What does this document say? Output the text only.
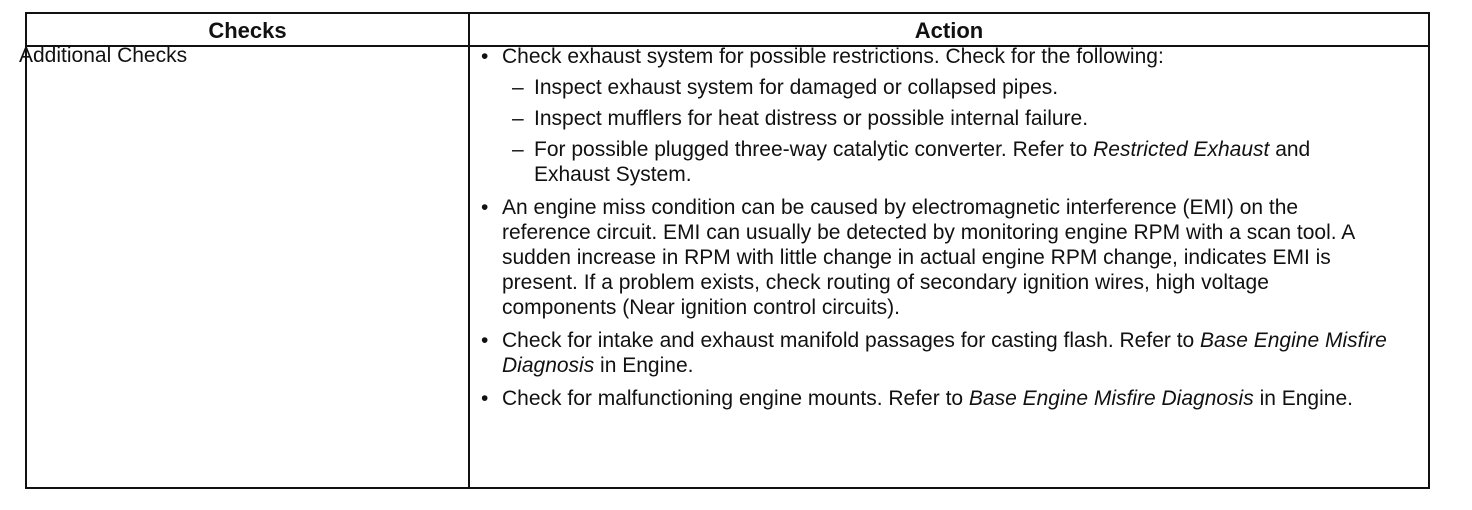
Checks	Action
Additional Checks	• Check exhaust system for possible restrictions. Check for the following:
– Inspect exhaust system for damaged or collapsed pipes.
– Inspect mufflers for heat distress or possible internal failure.
– For possible plugged three-way catalytic converter. Refer to Restricted Exhaust and Exhaust System.
• An engine miss condition can be caused by electromagnetic interference (EMI) on the reference circuit. EMI can usually be detected by monitoring engine RPM with a scan tool. A sudden increase in RPM with little change in actual engine RPM change, indicates EMI is present. If a problem exists, check routing of secondary ignition wires, high voltage components (Near ignition control circuits).
• Check for intake and exhaust manifold passages for casting flash. Refer to Base Engine Misfire Diagnosis in Engine.
• Check for malfunctioning engine mounts. Refer to Base Engine Misfire Diagnosis in Engine.
